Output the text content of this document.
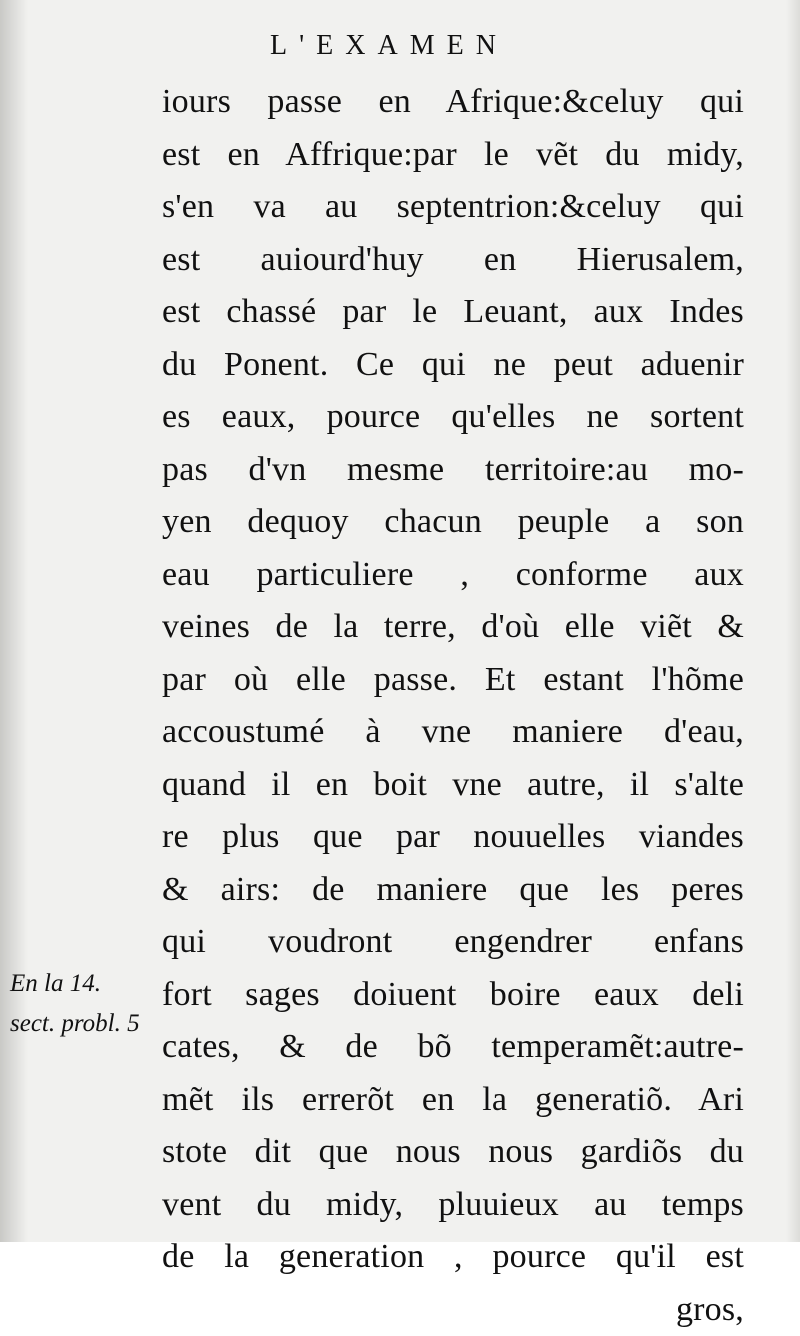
L'EXAMEN
iours passe en Afrique:&celuy qui
est en Affrique:par le vẽt du midy,
s'en va au septentrion:&celuy qui
est auiourd'huy en Hierusalem,
est chassé par le Leuant, aux Indes
du Ponent. Ce qui ne peut aduenir
es eaux, pource qu'elles ne sortent
pas d'vn mesme territoire:au mo-
yen dequoy chacun peuple a son
eau particuliere , conforme aux
veines de la terre, d'où elle viẽt &
par où elle passe. Et estant l'hõme
accoustumé à vne maniere d'eau,
quand il en boit vne autre, il s'alte
re plus que par nouuelles viandes
& airs: de maniere que les peres
qui voudront engendrer enfans
fort sages doiuent boire eaux deli
cates, & de bõ temperamẽt:autre-
mẽt ils errerõt en la generatiõ. Ari
stote dit que nous nous gardiõs du
vent du midy, pluuieux au temps
de la generation , pource qu'il est
gros,
En la 14.
sect. probl. 5
